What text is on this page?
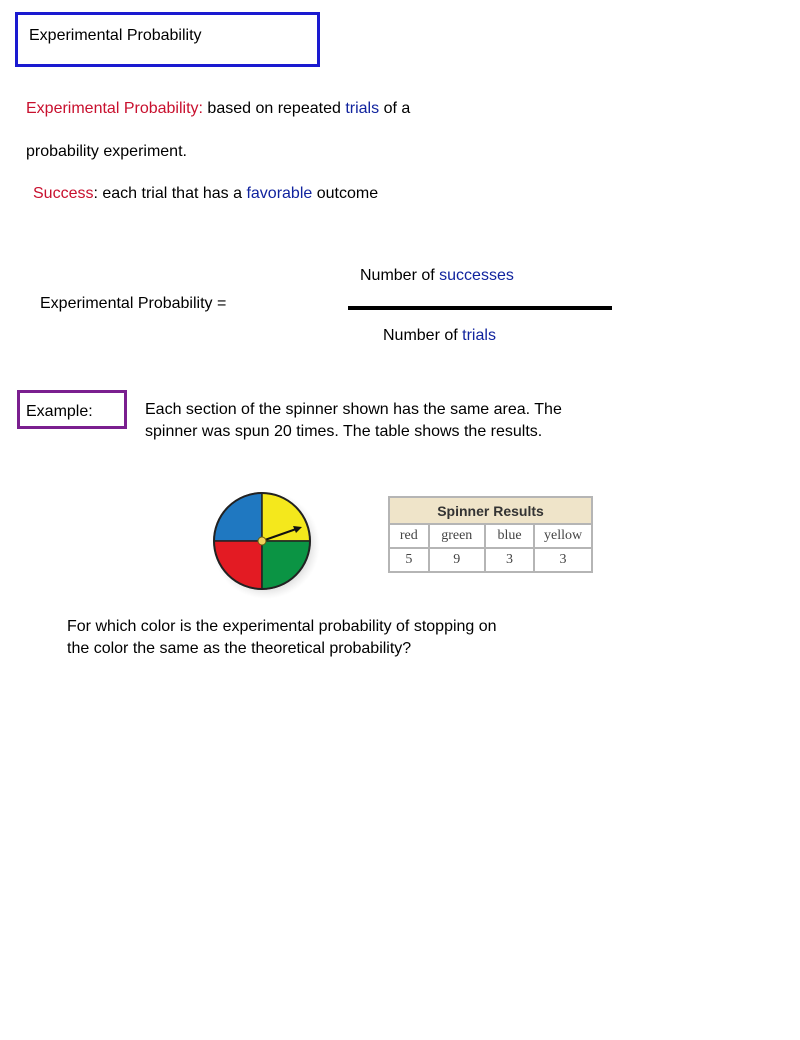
Experimental Probability
Experimental Probability: based on repeated trials of a
probability experiment.
Success: each trial that has a favorable outcome
Number of successes
Experimental Probability =
Number of trials
Example:	Each section of the spinner shown has the same area. The
spinner was spun 20 times. The table shows the results.
Spinner Results			
red	green	blue	yellow
5	9	3	3
For which color is the experimental probability of stopping on
the color the same as the theoretical probability?
